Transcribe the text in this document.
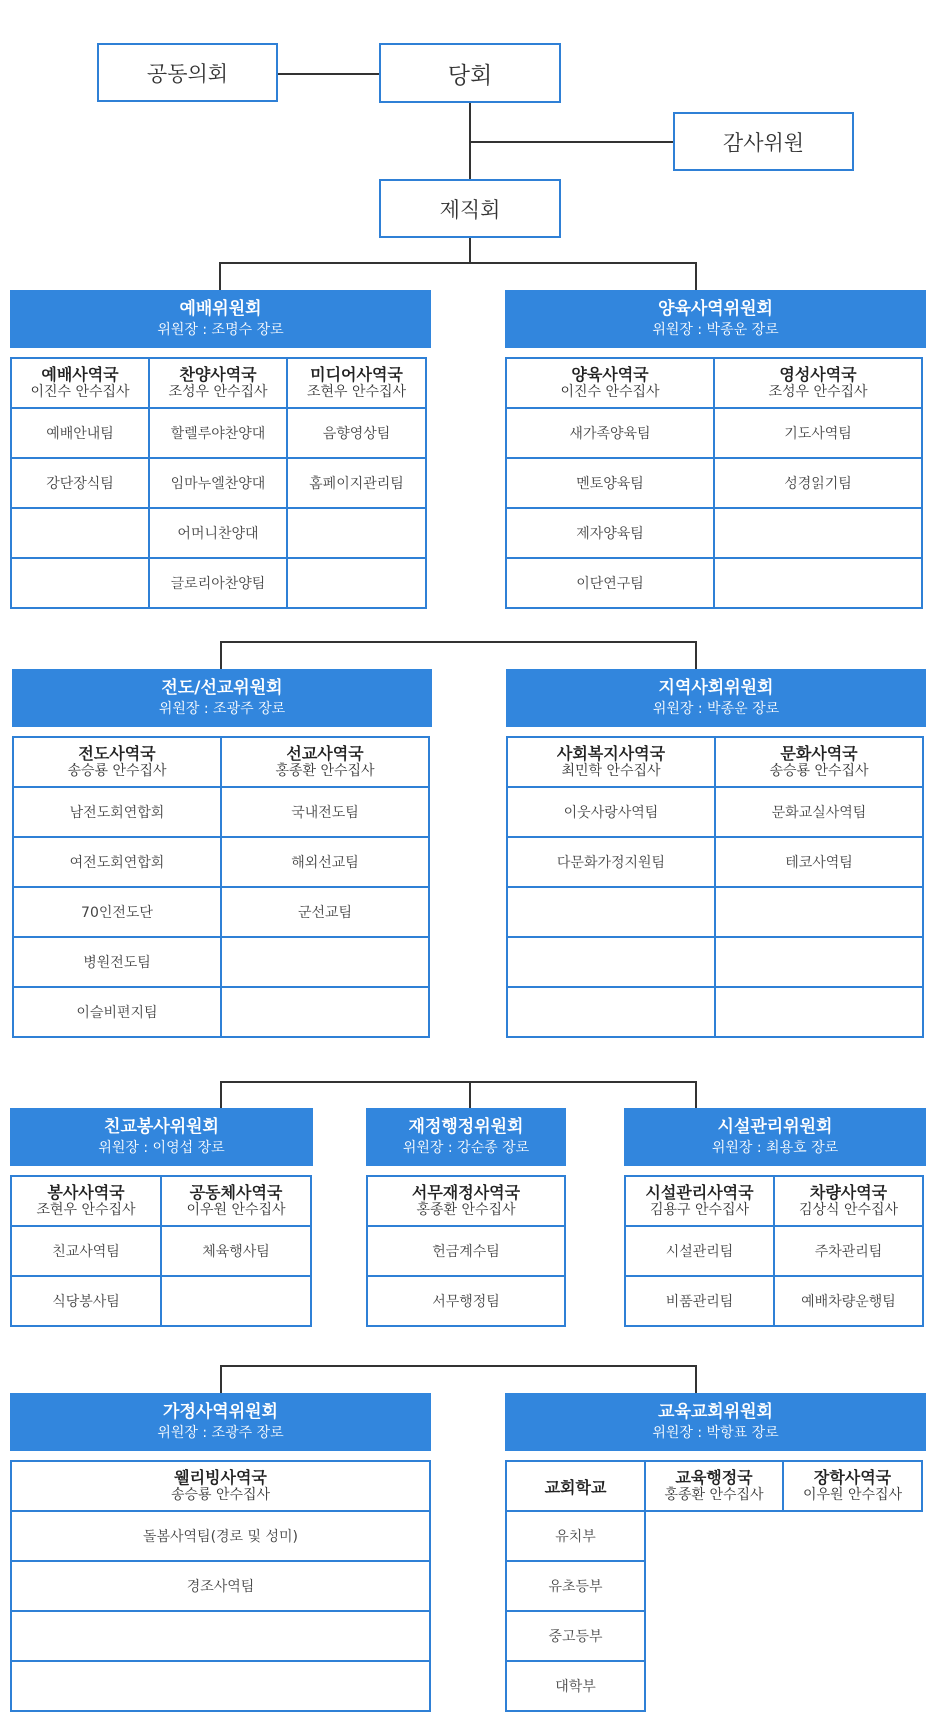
공동의회	당회
감사위원
제직회
예배위원회
위원장 : 조명수 장로
예배사역국
이진수 안수집사
예배안내팀
강단장식팀
찬양사역국
조성우 안수집사
할렐루야찬양대
임마누엘찬양대
어머니찬양대
글로리아찬양팀
미디어사역국
조현우 안수집사
음향영상팀
홈페이지관리팀
양육사역위원회
위원장 : 박종운 장로
양육사역국
이진수 안수집사
새가족양육팀
멘토양육팀
제자양육팀
이단연구팀
영성사역국
조성우 안수집사
기도사역팀
성경읽기팀
전도/선교위원회
위원장 : 조광주 장로
전도사역국
송승룡 안수집사
남전도회연합회
여전도회연합회
70인전도단
병원전도팀
이슬비편지팀
선교사역국
홍종환 안수집사
국내전도팀
해외선교팀
군선교팀
지역사회위원회
위원장 : 박종운 장로
사회복지사역국
최민학 안수집사
이웃사랑사역팀
다문화가정지원팀
문화사역국
송승룡 안수집사
문화교실사역팀
테코사역팀
친교봉사위원회
위원장 : 이영섭 장로
봉사사역국
조현우 안수집사
친교사역팀
식당봉사팀
공동체사역국
이우원 안수집사
체육행사팀
재정행정위원회
위원장 : 강순종 장로
서무재정사역국
홍종환 안수집사
헌금계수팀
서무행정팀
시설관리위원회
위원장 : 최용호 장로
시설관리사역국
김용구 안수집사
시설관리팀
비품관리팀
차량사역국
김상식 안수집사
주차관리팀
예배차량운행팀
가정사역위원회
위원장 : 조광주 장로
웰리빙사역국
송승룡 안수집사
돌봄사역팀(경로 및 성미)
경조사역팀
교육교회위원회
위원장 : 박항표 장로
교회학교
유치부
유초등부
중고등부
대학부
교육행정국
홍종환 안수집사
장학사역국
이우원 안수집사
